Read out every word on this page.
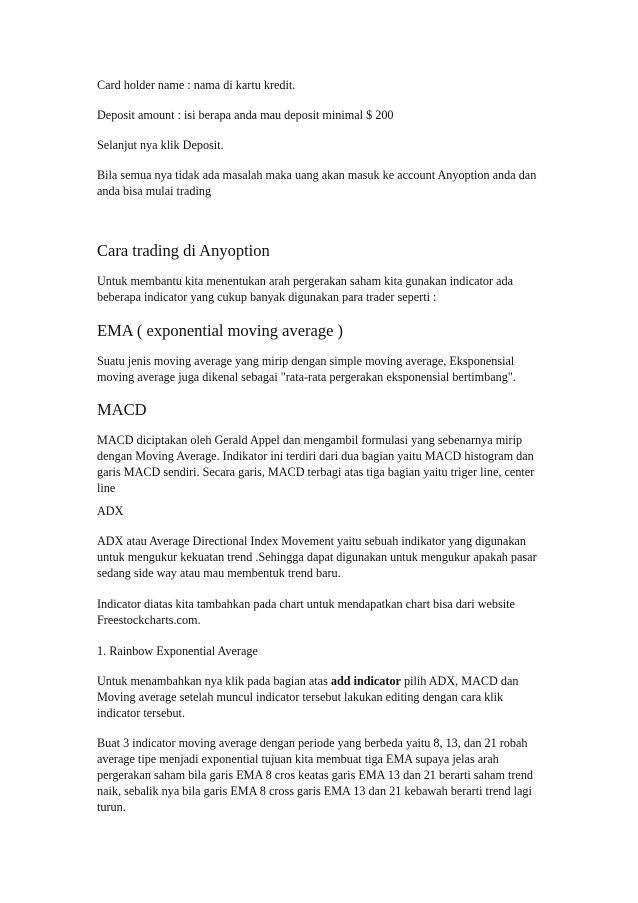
Card holder name : nama di kartu kredit.

Deposit amount : isi berapa anda mau deposit minimal $ 200

Selanjut nya klik Deposit.

Bila semua nya tidak ada masalah maka uang akan masuk ke account Anyoption anda dan anda bisa mulai trading

Cara trading di Anyoption

Untuk membantu kita menentukan arah pergerakan saham kita gunakan indicator ada beberapa indicator yang cukup banyak digunakan para trader seperti :

EMA ( exponential moving average )

Suatu jenis moving average yang mirip dengan simple moving average, Eksponensial moving average juga dikenal sebagai "rata-rata pergerakan eksponensial bertimbang".

MACD

MACD diciptakan oleh Gerald Appel dan mengambil formulasi yang sebenarnya mirip dengan Moving Average. Indikator ini terdiri dari dua bagian yaitu MACD histogram dan garis MACD sendiri. Secara garis, MACD terbagi atas tiga bagian yaitu triger line, center line

ADX

ADX atau Average Directional Index Movement yaitu sebuah indikator yang digunakan untuk mengukur kekuatan trend .Sehingga dapat digunakan untuk mengukur apakah pasar sedang side way atau mau membentuk trend baru.

Indicator diatas kita tambahkan pada chart untuk mendapatkan chart bisa dari website Freestockcharts.com.

1. Rainbow Exponential Average

Untuk menambahkan nya klik pada bagian atas add indicator pilih ADX, MACD dan Moving average setelah muncul indicator tersebut lakukan editing dengan cara klik indicator tersebut.

Buat 3 indicator moving average dengan periode yang berbeda yaitu 8, 13, dan 21 robah average tipe menjadi exponential tujuan kita membuat tiga EMA supaya jelas arah pergerakan saham bila garis EMA 8 cros keatas garis EMA 13 dan 21 berarti saham trend naik, sebalik nya bila garis EMA 8 cross garis EMA 13 dan 21 kebawah berarti trend lagi turun.
